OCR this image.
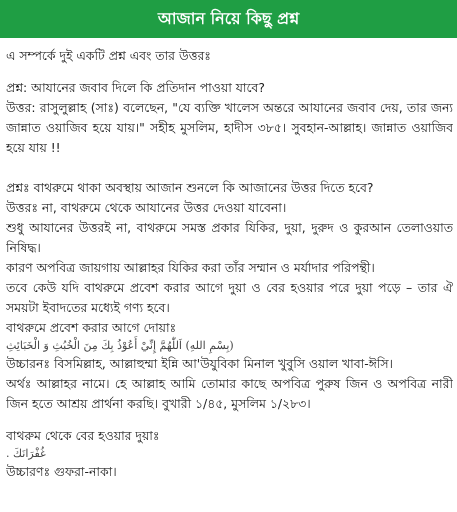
আজান নিয়ে কিছু প্রশ্ন

এ সম্পর্কে দুই একটি প্রশ্ন এবং তার উত্তরঃ

প্রশ্ন: আযানের জবাব দিলে কি প্রতিদান পাওয়া যাবে?

উত্তর: রাসুলুল্লাহ (সাঃ) বলেছেন, "যে ব্যক্তি খালেস অন্তরে আযানের জবাব দেয়, তার জন্য জান্নাত ওয়াজিব হয়ে যায়।" সহীহ মুসলিম, হাদীস ৩৮৫। সুবহান-আল্লাহ। জান্নাত ওয়াজিব হয়ে যায় !!

প্রশ্নঃ বাথরুমে থাকা অবস্থায় আজান শুনলে কি আজানের উত্তর দিতে হবে?

উত্তরঃ না, বাথরুমে থেকে আযানের উত্তর দেওয়া যাবেনা।

শুধু আযানের উত্তরই না, বাথরুমে সমস্ত প্রকার যিকির, দুয়া, দুরুদ ও কুরআন তেলাওয়াত নিষিদ্ধ।

কারণ অপবিত্র জায়গায় আল্লাহর যিকির করা তাঁর সম্মান ও মর্যাদার পরিপন্থী।

তবে কেউ যদি বাথরুমে প্রবেশ করার আগে দুয়া ও বের হওয়ার পরে দুয়া পড়ে – তার ঐ সময়টা ইবাদতের মধ্যেই গণ্য হবে।

বাথরুমে প্রবেশ করার আগে দোয়াঃ

(بِسْمِ اللهِ) اَللّٰهُمَّ إِنِّيْ أَعُوْذُ بِكَ مِنَ الْخُبُثِ وَ الْخَبَائِثِ

উচ্চারনঃ বিসমিল্লাহ, আল্লাহুম্মা ইন্নি আ'উযুবিকা মিনাল খুবুসি ওয়াল খাবা-ঈসি।

অর্থঃ আল্লাহর নামে। হে আল্লাহ আমি তোমার কাছে অপবিত্র পুরুষ জিন ও অপবিত্র নারী জিন হতে আশ্রয় প্রার্থনা করছি। বুখারী ১/৪৫, মুসলিম ১/২৮৩।

বাথরুম থেকে বের হওয়ার দুয়াঃ

غُفْرَانَكَ .

উচ্চারণঃ গুফরা-নাকা।
